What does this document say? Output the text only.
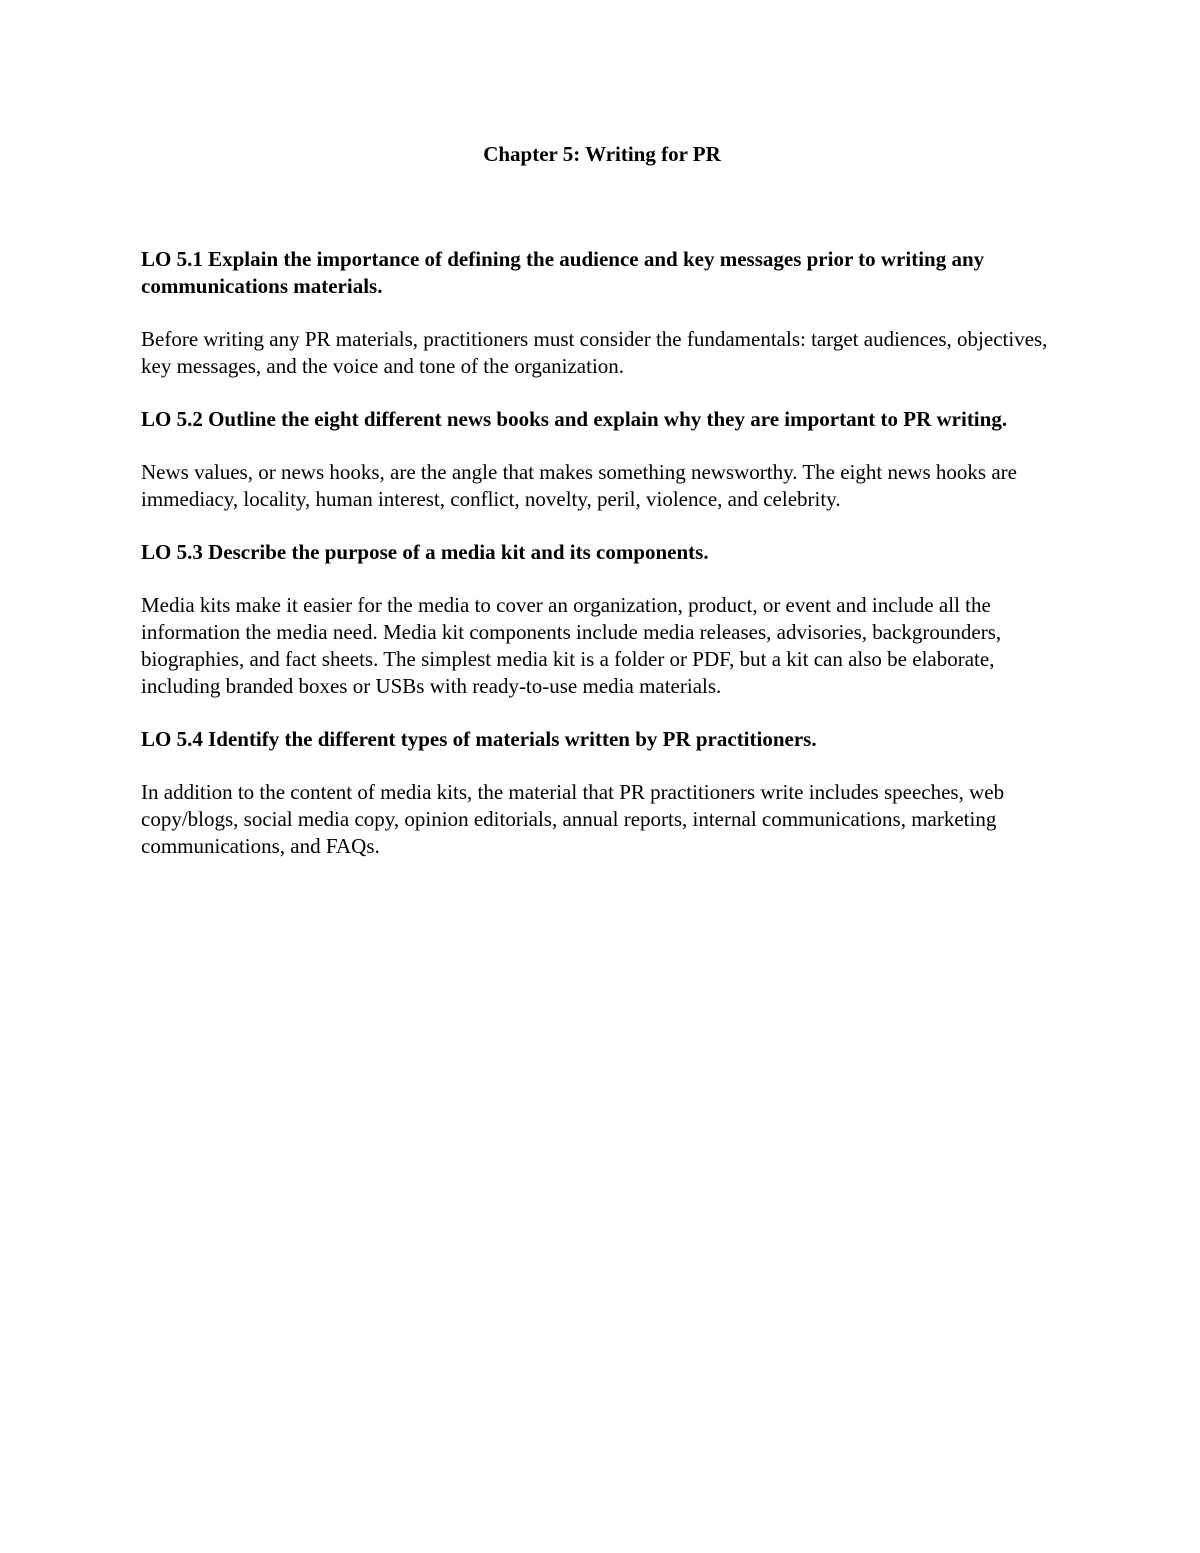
Chapter 5: Writing for PR

LO 5.1 Explain the importance of defining the audience and key messages prior to writing any communications materials.

Before writing any PR materials, practitioners must consider the fundamentals: target audiences, objectives, key messages, and the voice and tone of the organization.

LO 5.2 Outline the eight different news books and explain why they are important to PR writing.

News values, or news hooks, are the angle that makes something newsworthy. The eight news hooks are immediacy, locality, human interest, conflict, novelty, peril, violence, and celebrity.

LO 5.3 Describe the purpose of a media kit and its components.

Media kits make it easier for the media to cover an organization, product, or event and include all the information the media need. Media kit components include media releases, advisories, backgrounders, biographies, and fact sheets. The simplest media kit is a folder or PDF, but a kit can also be elaborate, including branded boxes or USBs with ready-to-use media materials.

LO 5.4 Identify the different types of materials written by PR practitioners.

In addition to the content of media kits, the material that PR practitioners write includes speeches, web copy/blogs, social media copy, opinion editorials, annual reports, internal communications, marketing communications, and FAQs.
